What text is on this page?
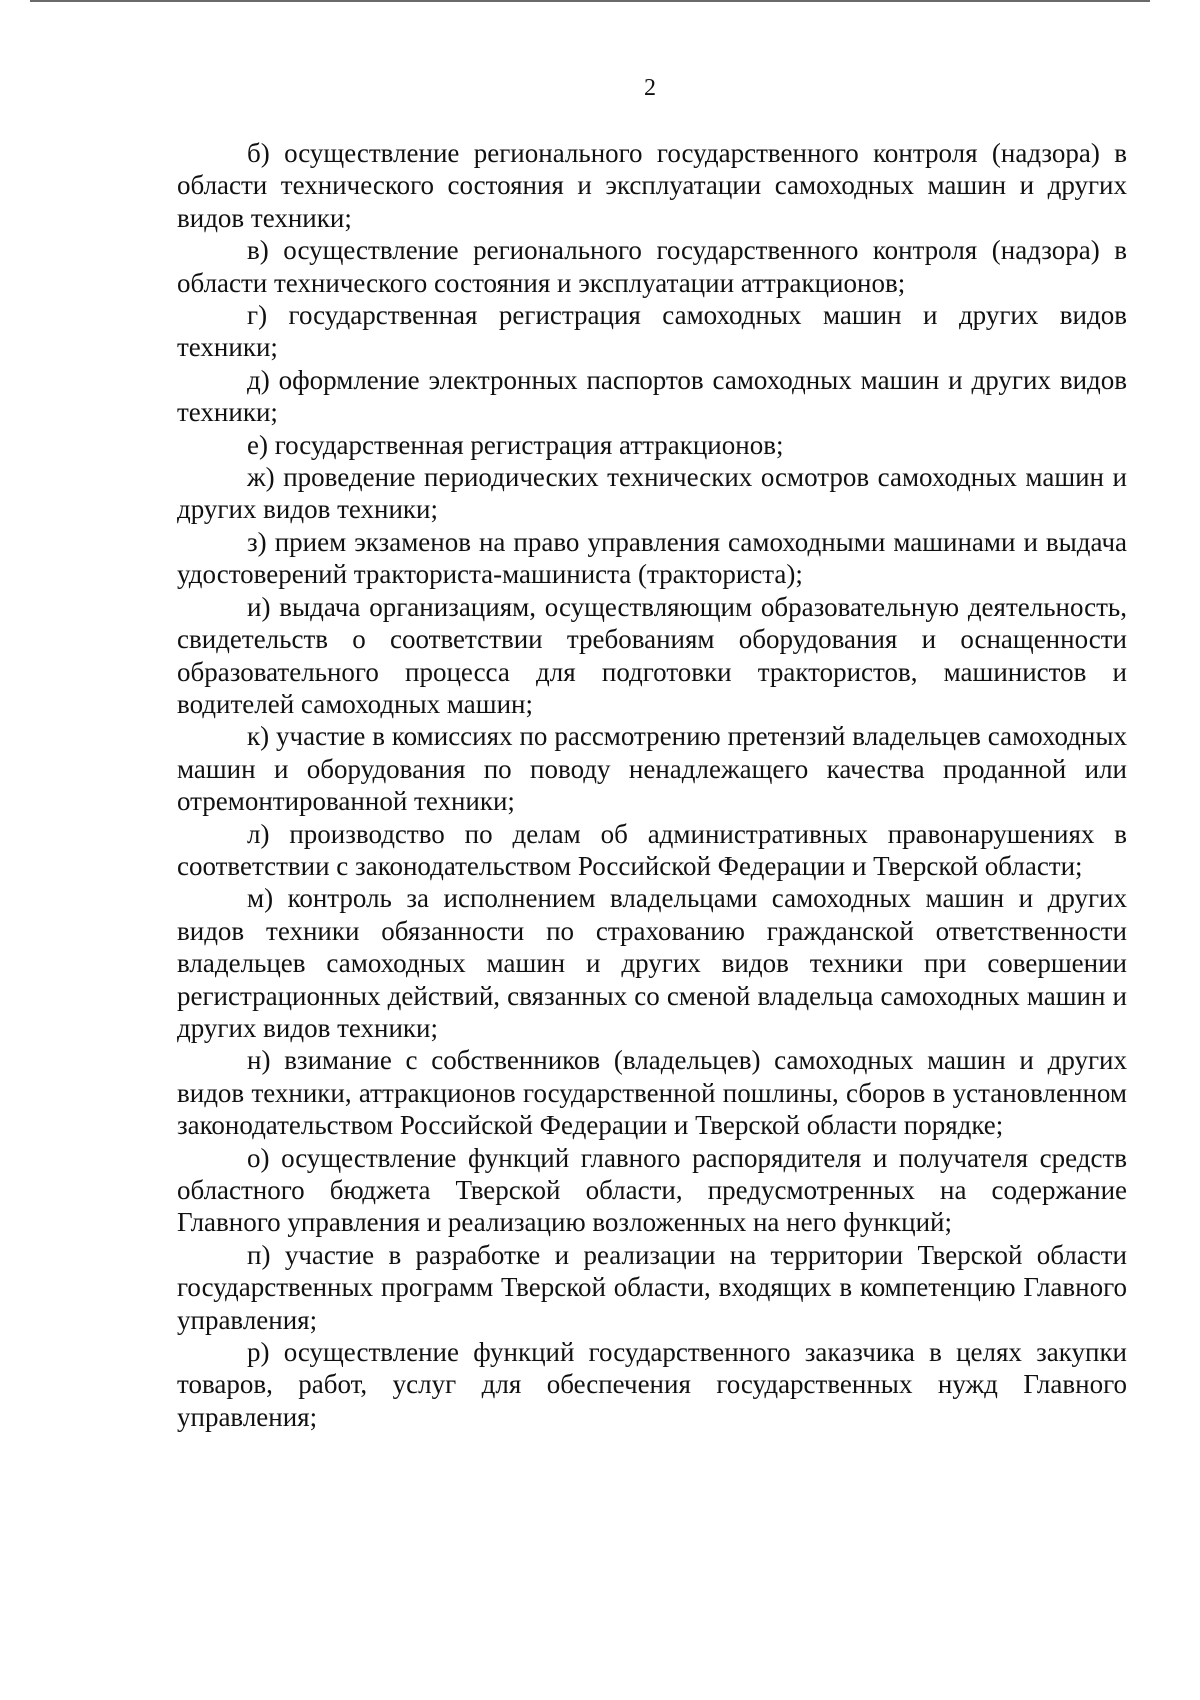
2

б) осуществление регионального государственного контроля (надзора) в области технического состояния и эксплуатации самоходных машин и других видов техники;

в) осуществление регионального государственного контроля (надзора) в области технического состояния и эксплуатации аттракционов;

г) государственная регистрация самоходных машин и других видов техники;

д) оформление электронных паспортов самоходных машин и других видов техники;

е) государственная регистрация аттракционов;

ж) проведение периодических технических осмотров самоходных машин и других видов техники;

з) прием экзаменов на право управления самоходными машинами и выдача удостоверений тракториста-машиниста (тракториста);

и) выдача организациям, осуществляющим образовательную деятельность, свидетельств о соответствии требованиям оборудования и оснащенности образовательного процесса для подготовки трактористов, машинистов и водителей самоходных машин;

к) участие в комиссиях по рассмотрению претензий владельцев самоходных машин и оборудования по поводу ненадлежащего качества проданной или отремонтированной техники;

л) производство по делам об административных правонарушениях в соответствии с законодательством Российской Федерации и Тверской области;

м) контроль за исполнением владельцами самоходных машин и других видов техники обязанности по страхованию гражданской ответственности владельцев самоходных машин и других видов техники при совершении регистрационных действий, связанных со сменой владельца самоходных машин и других видов техники;

н) взимание с собственников (владельцев) самоходных машин и других видов техники, аттракционов государственной пошлины, сборов в установленном законодательством Российской Федерации и Тверской области порядке;

о) осуществление функций главного распорядителя и получателя средств областного бюджета Тверской области, предусмотренных на содержание Главного управления и реализацию возложенных на него функций;

п) участие в разработке и реализации на территории Тверской области государственных программ Тверской области, входящих в компетенцию Главного управления;

р) осуществление функций государственного заказчика в целях закупки товаров, работ, услуг для обеспечения государственных нужд Главного управления;
